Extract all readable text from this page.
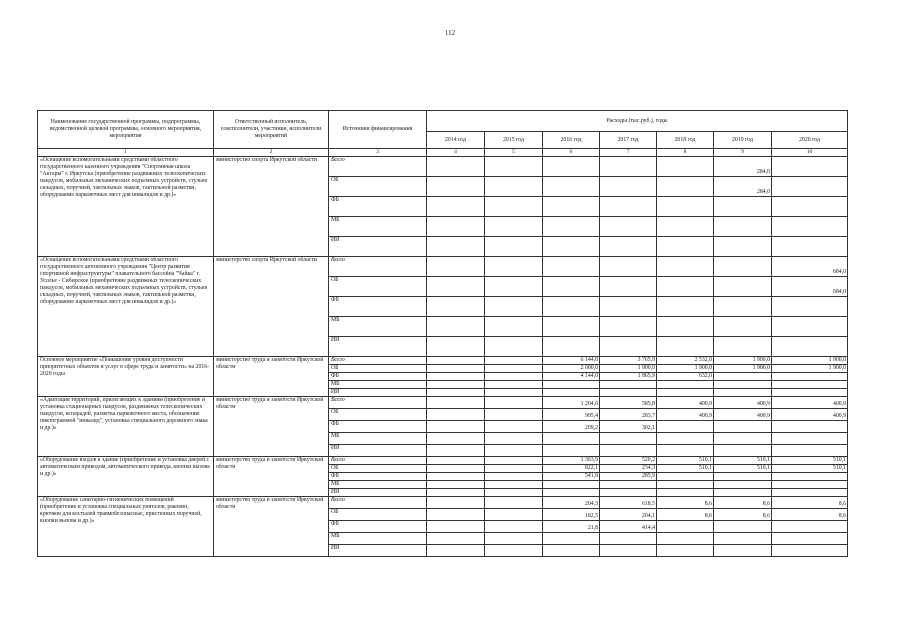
112
Наименование государственной программы, подпрограммы, ведомственной целевой программы, основного мероприятия, мероприятия	Ответственный исполнитель, соисполнители, участники, исполнители мероприятий	Источники финансирования	Расходы (тыс.руб.), годы						
			2014 год	2015 год	2016 год	2017 год	2018 год	2019 год	2020 год
1	2	3	4	5	6	7	8	9	10
«Оснащение вспомогательными средствами областного государственного казенного учреждения "Спортивная школа "Ангары" г. Иркутска (приобретение раздвижных телескопических пандусов, мобильных механических подъемных устройств, стульев складных, поручней, тактильных знаков, тактильной разметки, оборудование парковочных мест для инвалидов и др.)»	министерство спорта Иркутской области	Всего						284,0	
		ОБ						284,0	
		ФБ							
		МБ							
		ИИ							
«Оснащение вспомогательными средствами областного государственного автономного учреждения "Центр развития спортивной инфраструктуры" плавательного бассейна "Чайка" г. Усолье - Сибирское (приобретение раздвижных телескопических пандусов, мобильных механических подъемных устройств, стульев складных, поручней, тактильных знаков, тактильной разметки, оборудование парковочных мест для инвалидов и др.)»	министерство спорта Иркутской области	Всего							684,0
		ОБ							684,0
		ФБ							
		МБ							
		ИИ							
Основное мероприятие «Повышение уровня доступности приоритетных объектов и услуг в сфере труда и занятости» на 2016-2020 годы	министерство труда и занятости Иркутской области	Всего			6 144,0	3 765,9	2 532,0	1 900,0	1 900,0
		ОБ			2 000,0	1 900,0	1 900,0	1 900,0	1 900,0
		ФБ			4 144,0	1 865,9	632,0		
		МБ							
		ИИ							
«Адаптация территорий, прилегающих к зданиям (приобретение и установка стационарных пандусов, раздвижных телескопических пандусов, вспарадей, разметка парковочного места, обозначение пиктограммой "инвалид", установка специального дорожного знака и др.)»	министерство труда и занятости Иркутской области	Всего			1 204,6	585,8	400,9	400,9	400,9
		ОБ			995,4	283,7	400,9	400,9	400,9
		ФБ			209,2	302,1			
		МБ							
		ИИ							
«Оборудование входов в здание (приобретение и установка дверей с автоматическим приводом, автоматического привода, кнопки вызова и др.)»	министерство труда и занятости Иркутской области	Всего			1 363,9	520,2	510,1	510,1	510,1
		ОБ			822,1	234,3	510,1	510,1	510,1
		ФБ			541,8	285,9			
		МБ							
		ИИ							
«Оборудование санитарно-гигиенических помещений (приобретение и установка специальных унитазов, раковин, крючков для костылей травмобезопасные, пристенных поручней, кнопки вызова и др.)»	министерство труда и занятости Иркутской области	Всего			204,3	618,5	8,6	8,6	8,6
		ОБ			182,5	204,1	8,6	8,6	8,6
		ФБ			21,8	414,4			
		МБ							
		ИИ							
